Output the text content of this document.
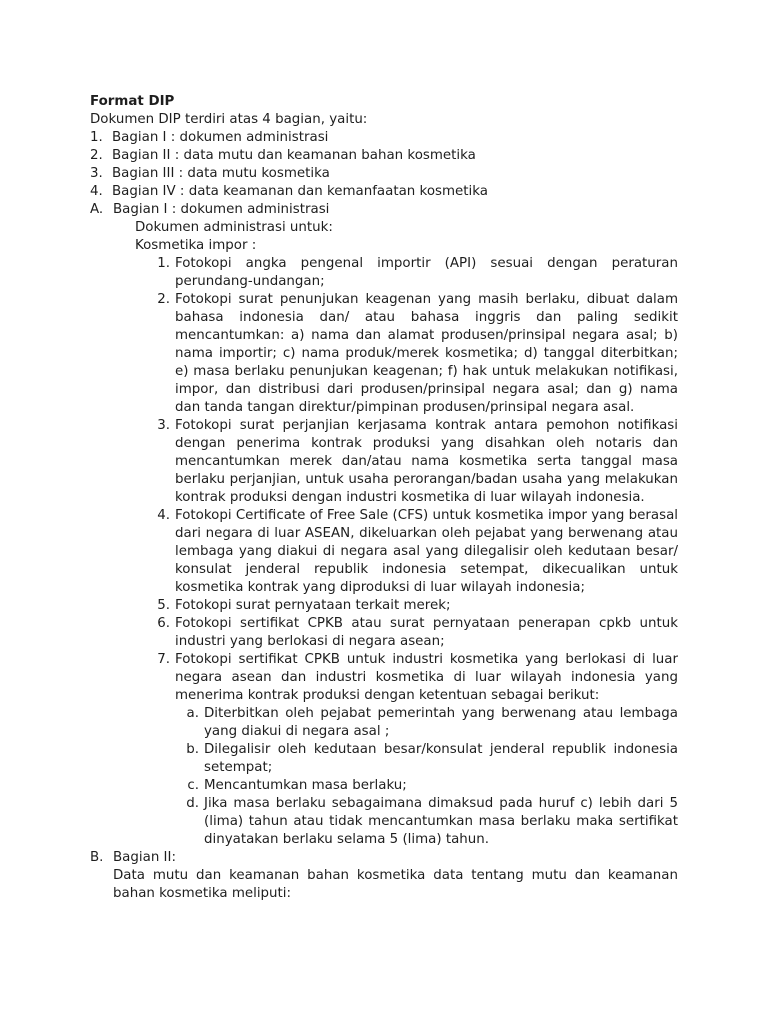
Format DIP
Dokumen DIP terdiri atas 4 bagian, yaitu:
1. Bagian I : dokumen administrasi
2. Bagian II : data mutu dan keamanan bahan kosmetika
3. Bagian III : data mutu kosmetika
4. Bagian IV : data keamanan dan kemanfaatan kosmetika
A. Bagian I : dokumen administrasi
Dokumen administrasi untuk:
Kosmetika impor :
1. Fotokopi angka pengenal importir (API) sesuai dengan peraturan perundang-undangan;
2. Fotokopi surat penunjukan keagenan yang masih berlaku, dibuat dalam bahasa indonesia dan/ atau bahasa inggris dan paling sedikit mencantumkan: a) nama dan alamat produsen/prinsipal negara asal; b) nama importir; c) nama produk/merek kosmetika; d) tanggal diterbitkan; e) masa berlaku penunjukan keagenan; f) hak untuk melakukan notifikasi, impor, dan distribusi dari produsen/prinsipal negara asal; dan g) nama dan tanda tangan direktur/pimpinan produsen/prinsipal negara asal.
3. Fotokopi surat perjanjian kerjasama kontrak antara pemohon notifikasi dengan penerima kontrak produksi yang disahkan oleh notaris dan mencantumkan merek dan/atau nama kosmetika serta tanggal masa berlaku perjanjian, untuk usaha perorangan/badan usaha yang melakukan kontrak produksi dengan industri kosmetika di luar wilayah indonesia.
4. Fotokopi Certificate of Free Sale (CFS) untuk kosmetika impor yang berasal dari negara di luar ASEAN, dikeluarkan oleh pejabat yang berwenang atau lembaga yang diakui di negara asal yang dilegalisir oleh kedutaan besar/ konsulat jenderal republik indonesia setempat, dikecualikan untuk kosmetika kontrak yang diproduksi di luar wilayah indonesia;
5. Fotokopi surat pernyataan terkait merek;
6. Fotokopi sertifikat CPKB atau surat pernyataan penerapan cpkb untuk industri yang berlokasi di negara asean;
7. Fotokopi sertifikat CPKB untuk industri kosmetika yang berlokasi di luar negara asean dan industri kosmetika di luar wilayah indonesia yang menerima kontrak produksi dengan ketentuan sebagai berikut:
a. Diterbitkan oleh pejabat pemerintah yang berwenang atau lembaga yang diakui di negara asal ;
b. Dilegalisir oleh kedutaan besar/konsulat jenderal republik indonesia setempat;
c. Mencantumkan masa berlaku;
d. Jika masa berlaku sebagaimana dimaksud pada huruf c) lebih dari 5 (lima) tahun atau tidak mencantumkan masa berlaku maka sertifikat dinyatakan berlaku selama 5 (lima) tahun.
B. Bagian II:
Data mutu dan keamanan bahan kosmetika data tentang mutu dan keamanan bahan kosmetika meliputi:
